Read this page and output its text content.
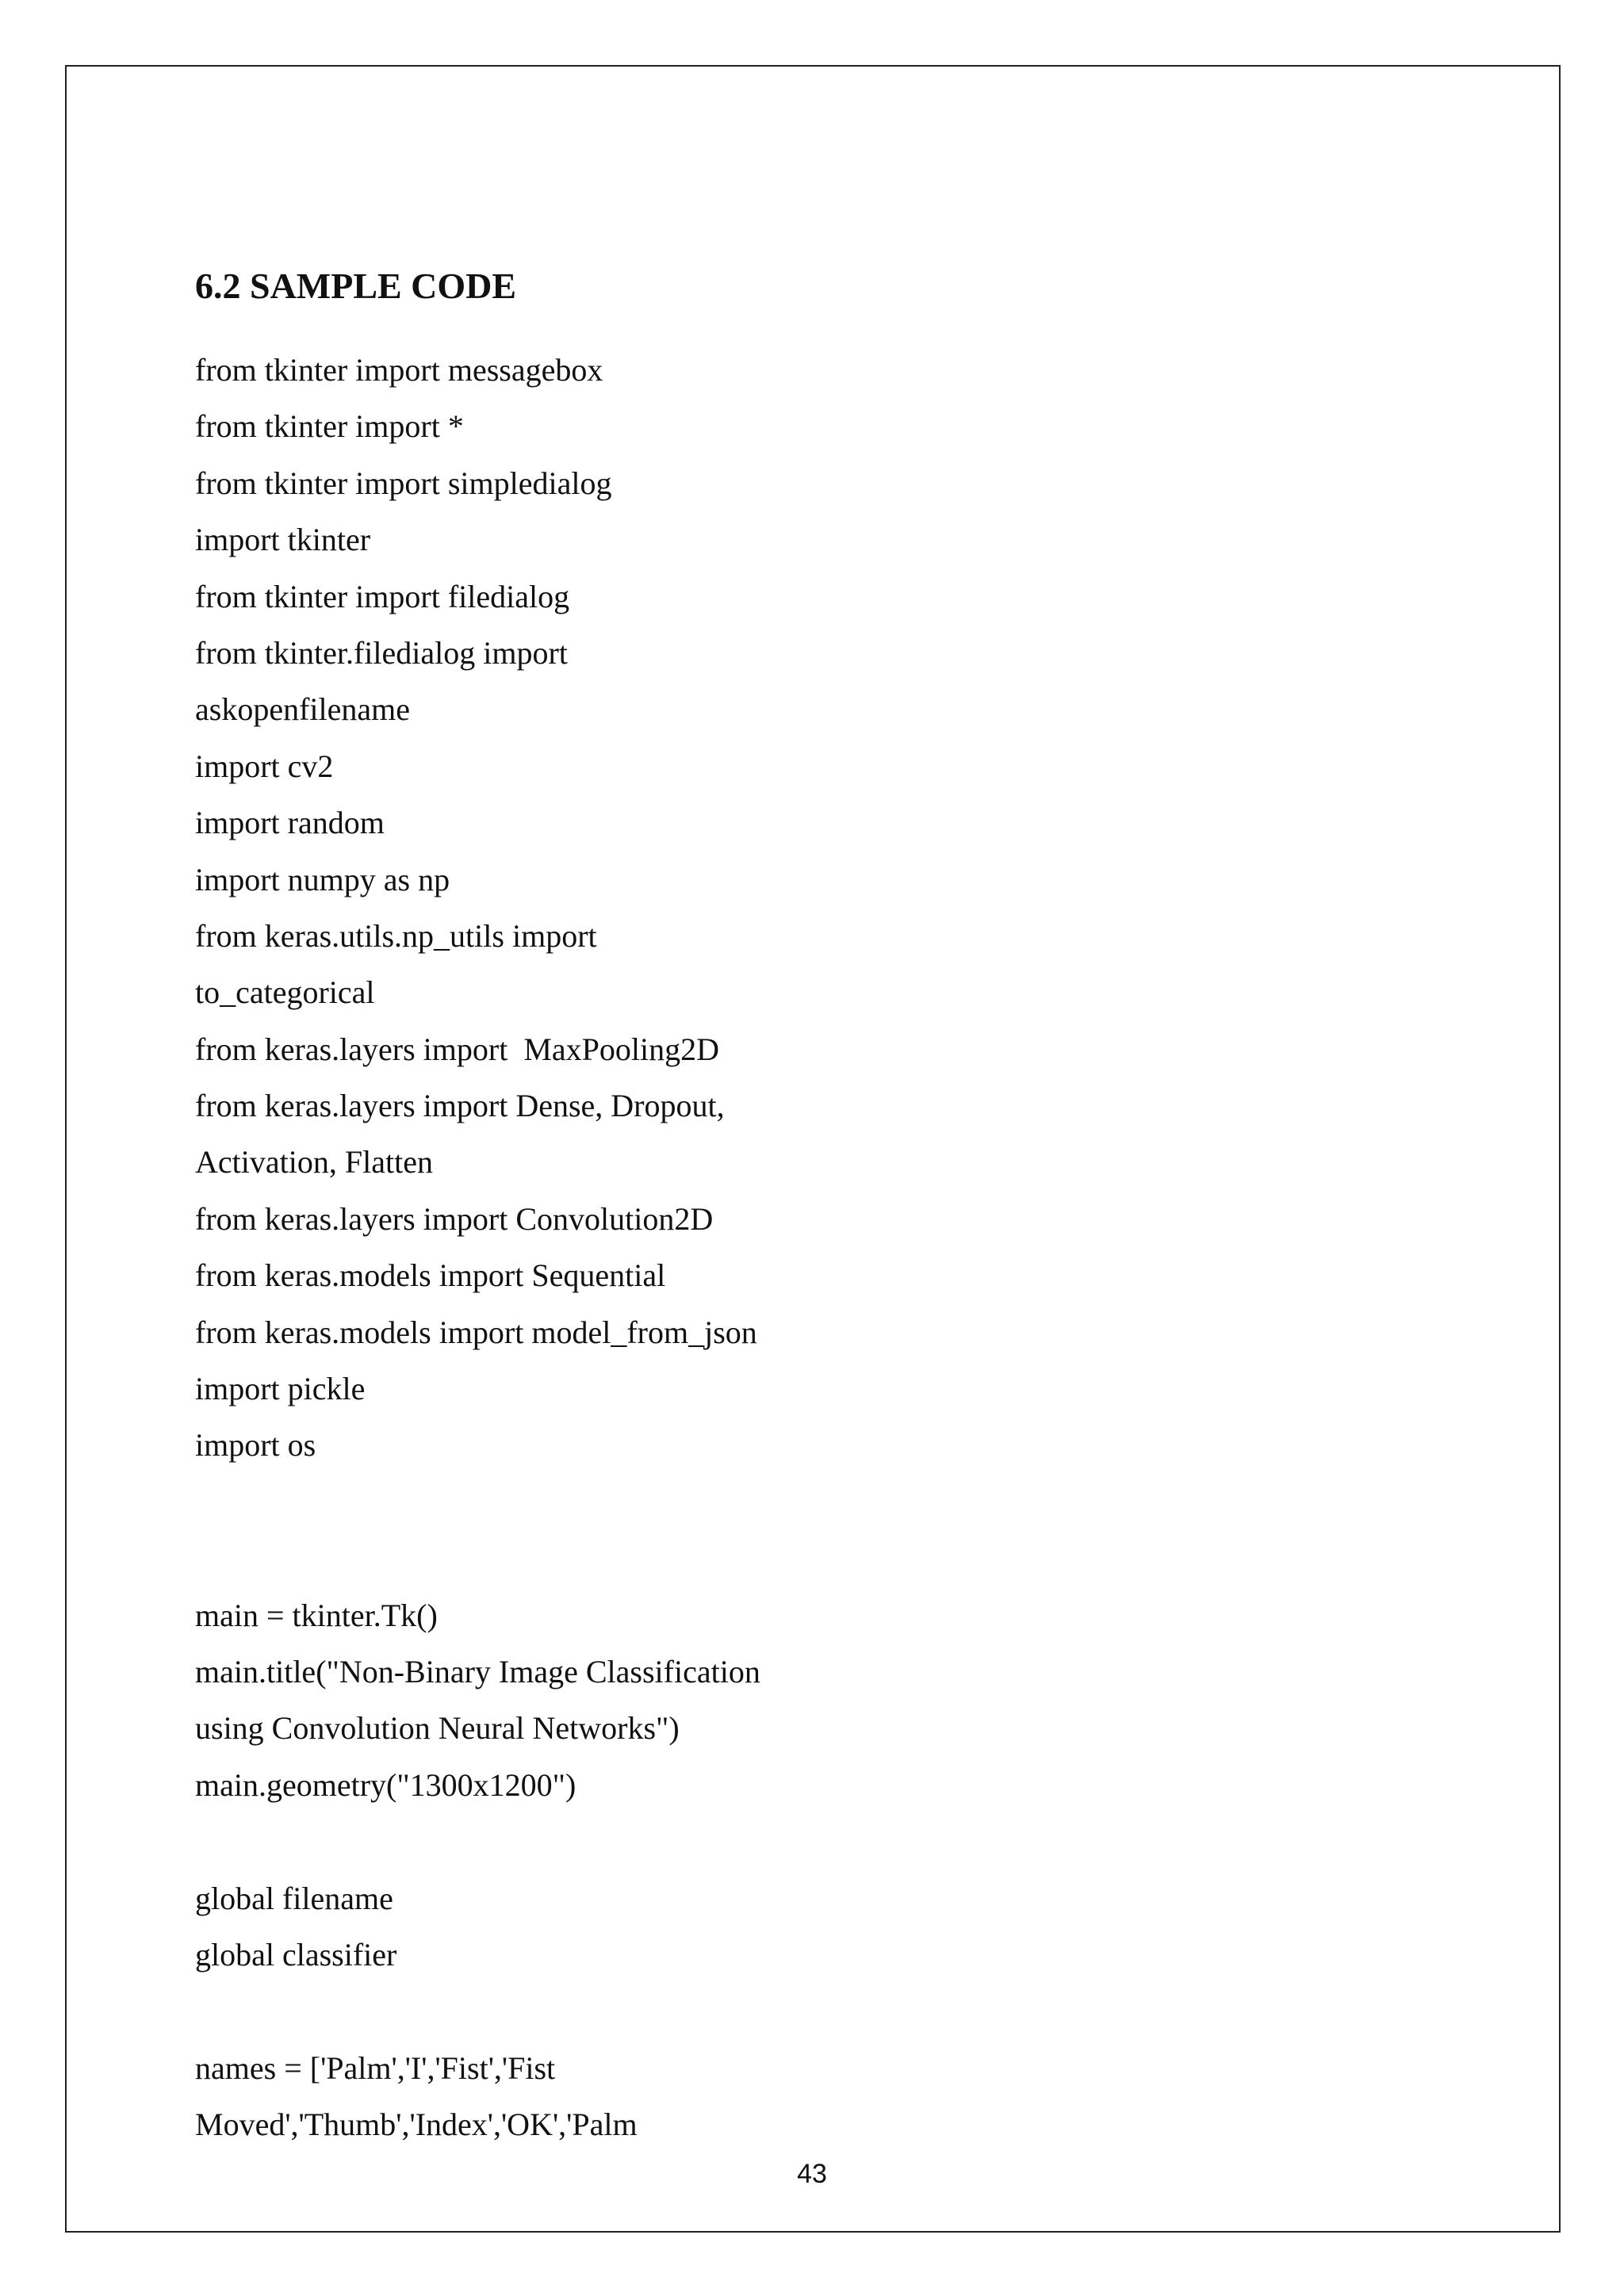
6.2 SAMPLE CODE
from tkinter import messagebox
from tkinter import *
from tkinter import simpledialog
import tkinter
from tkinter import filedialog
from tkinter.filedialog import
askopenfilename
import cv2
import random
import numpy as np
from keras.utils.np_utils import
to_categorical
from keras.layers import  MaxPooling2D
from keras.layers import Dense, Dropout,
Activation, Flatten
from keras.layers import Convolution2D
from keras.models import Sequential
from keras.models import model_from_json
import pickle
import os
main = tkinter.Tk()
main.title("Non-Binary Image Classification
using Convolution Neural Networks")
main.geometry("1300x1200")
global filename
global classifier
names = ['Palm','I','Fist','Fist
Moved','Thumb','Index','OK','Palm
43
